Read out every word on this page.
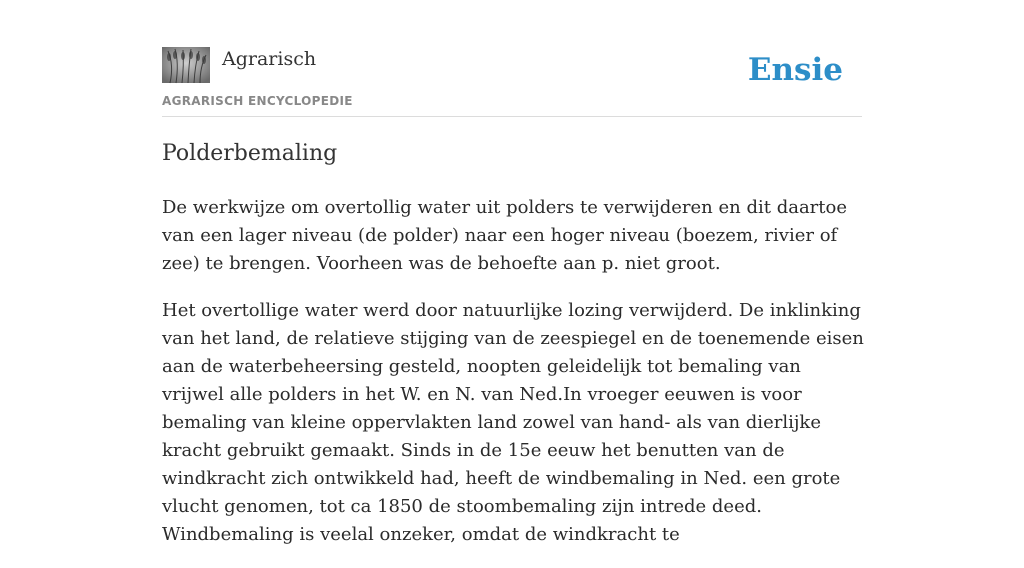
Agrarisch
AGRARISCH ENCYCLOPEDIE
Ensie
Polderbemaling

De werkwijze om overtollig water uit polders te verwijderen en dit daartoe van een lager niveau (de polder) naar een hoger niveau (boezem, rivier of zee) te brengen. Voorheen was de behoefte aan p. niet groot.

Het overtollige water werd door natuurlijke lozing verwijderd. De inklinking van het land, de relatieve stijging van de zeespiegel en de toenemende eisen aan de waterbeheersing gesteld, noopten geleidelijk tot bemaling van vrijwel alle polders in het W. en N. van Ned.In vroeger eeuwen is voor bemaling van kleine oppervlakten land zowel van hand- als van dierlijke kracht gebruikt gemaakt. Sinds in de 15e eeuw het benutten van de windkracht zich ontwikkeld had, heeft de windbemaling in Ned. een grote vlucht genomen, tot ca 1850 de stoombemaling zijn intrede deed. Windbemaling is veelal onzeker, omdat de windkracht te
